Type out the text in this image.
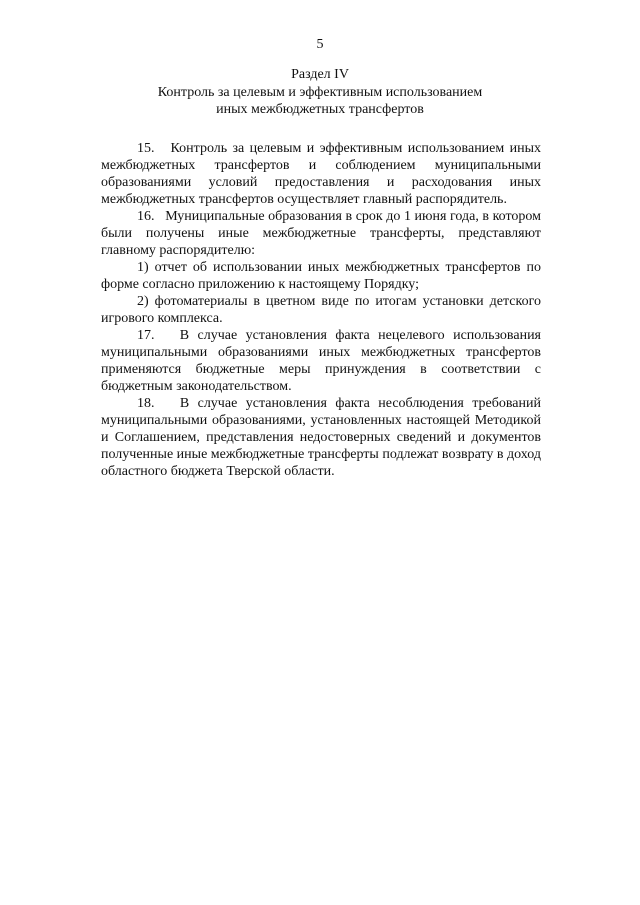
5
Раздел IV
Контроль за целевым и эффективным использованием
иных межбюджетных трансфертов

15.   Контроль за целевым и эффективным использованием иных межбюджетных трансфертов и соблюдением муниципальными образованиями условий предоставления и расходования иных межбюджетных трансфертов осуществляет главный распорядитель.

16.   Муниципальные образования в срок до 1 июня года, в котором были получены иные межбюджетные трансферты, представляют главному распорядителю:

1) отчет об использовании иных межбюджетных трансфертов по форме согласно приложению к настоящему Порядку;

2) фотоматериалы в цветном виде по итогам установки детского игрового комплекса.

17.   В случае установления факта нецелевого использования муниципальными образованиями иных межбюджетных трансфертов применяются бюджетные меры принуждения в соответствии с бюджетным законодательством.

18.   В случае установления факта несоблюдения требований муниципальными образованиями, установленных настоящей Методикой и Соглашением, представления недостоверных сведений и документов полученные иные межбюджетные трансферты подлежат возврату в доход областного бюджета Тверской области.
